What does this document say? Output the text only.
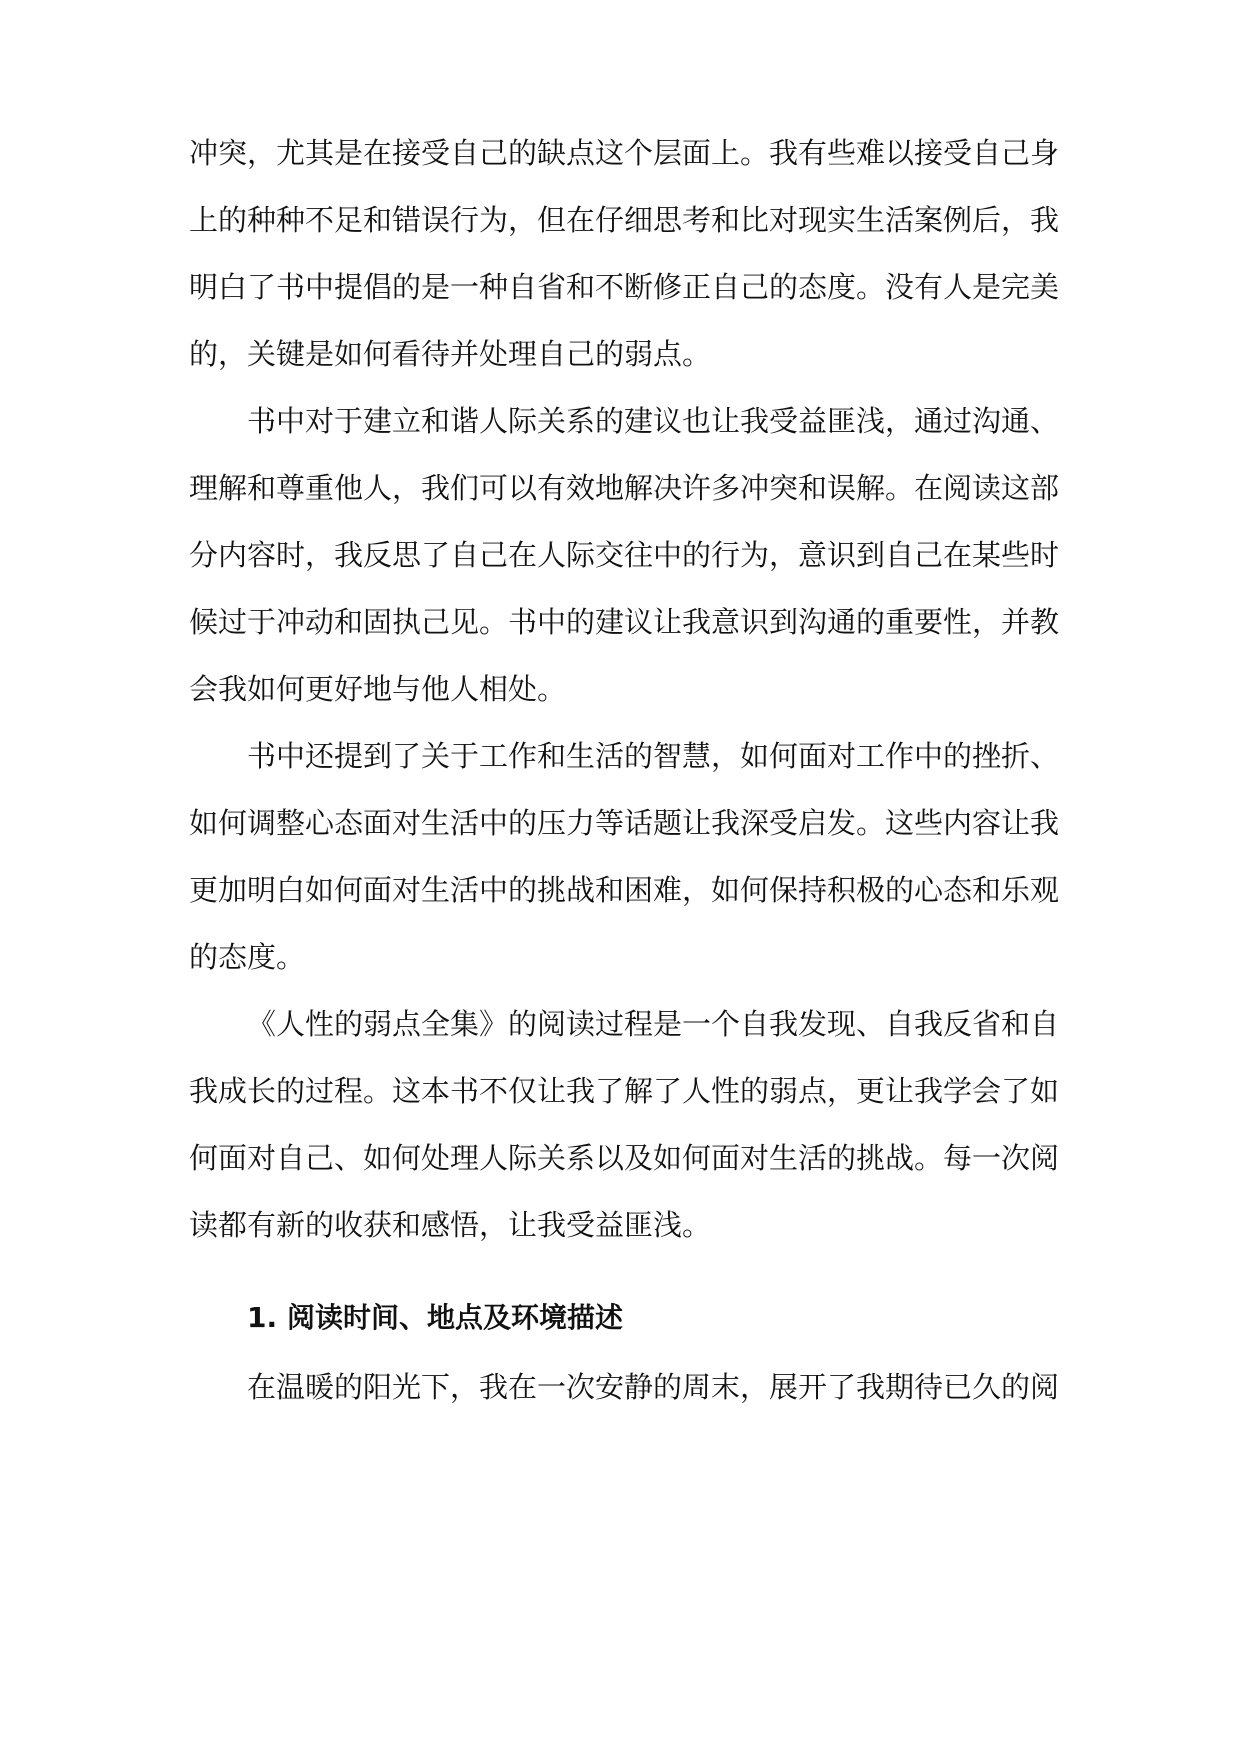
冲突，尤其是在接受自己的缺点这个层面上。我有些难以接受自己身
上的种种不足和错误行为，但在仔细思考和比对现实生活案例后，我
明白了书中提倡的是一种自省和不断修正自己的态度。没有人是完美
的，关键是如何看待并处理自己的弱点。
书中对于建立和谐人际关系的建议也让我受益匪浅，通过沟通、
理解和尊重他人，我们可以有效地解决许多冲突和误解。在阅读这部
分内容时，我反思了自己在人际交往中的行为，意识到自己在某些时
候过于冲动和固执己见。书中的建议让我意识到沟通的重要性，并教
会我如何更好地与他人相处。
书中还提到了关于工作和生活的智慧，如何面对工作中的挫折、
如何调整心态面对生活中的压力等话题让我深受启发。这些内容让我
更加明白如何面对生活中的挑战和困难，如何保持积极的心态和乐观
的态度。
《人性的弱点全集》的阅读过程是一个自我发现、自我反省和自
我成长的过程。这本书不仅让我了解了人性的弱点，更让我学会了如
何面对自己、如何处理人际关系以及如何面对生活的挑战。每一次阅
读都有新的收获和感悟，让我受益匪浅。
1. 阅读时间、地点及环境描述
在温暖的阳光下，我在一次安静的周末，展开了我期待已久的阅
